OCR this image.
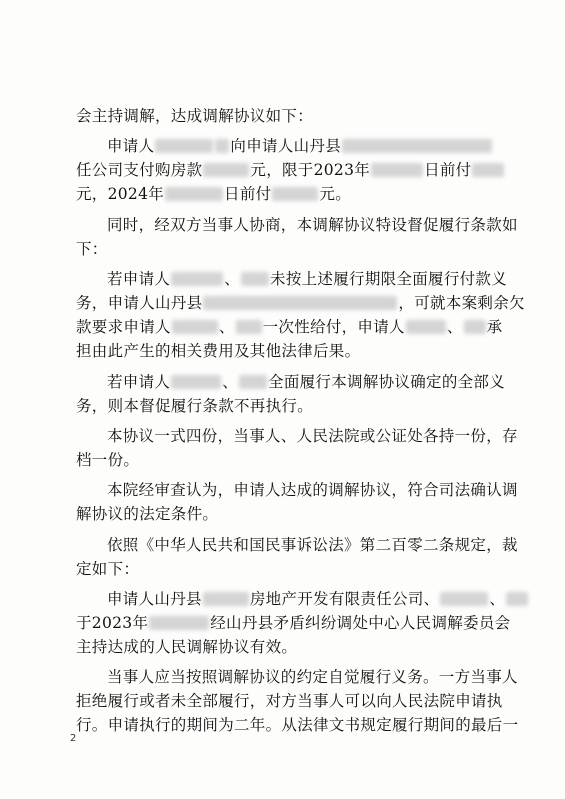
会主持调解，达成调解协议如下：
申请人	向申请人山丹县
任公司支付购房款	元，限于2023年	日前付
元，2024年	日前付	元。
同时，经双方当事人协商，本调解协议特设督促履行条款如
下：
若申请人	、 未按上述履行期限全面履行付款义
务，申请人山丹县	，可就本案剩余欠
款要求申请人	、 一次性给付，申请人	、 承
担由此产生的相关费用及其他法律后果。
若申请人	、 全面履行本调解协议确定的全部义
务，则本督促履行条款不再执行。
本协议一式四份，当事人、人民法院或公证处各持一份，存
档一份。
本院经审查认为，申请人达成的调解协议，符合司法确认调
解协议的法定条件。
依照《中华人民共和国民事诉讼法》第二百零二条规定，裁
定如下：
申请人山丹县	房地产开发有限责任公司、	、
于2023年	经山丹县矛盾纠纷调处中心人民调解委员会
主持达成的人民调解协议有效。
当事人应当按照调解协议的约定自觉履行义务。一方当事人
拒绝履行或者未全部履行，对方当事人可以向人民法院申请执
行。申请执行的期间为二年。从法律文书规定履行期间的最后一
2
